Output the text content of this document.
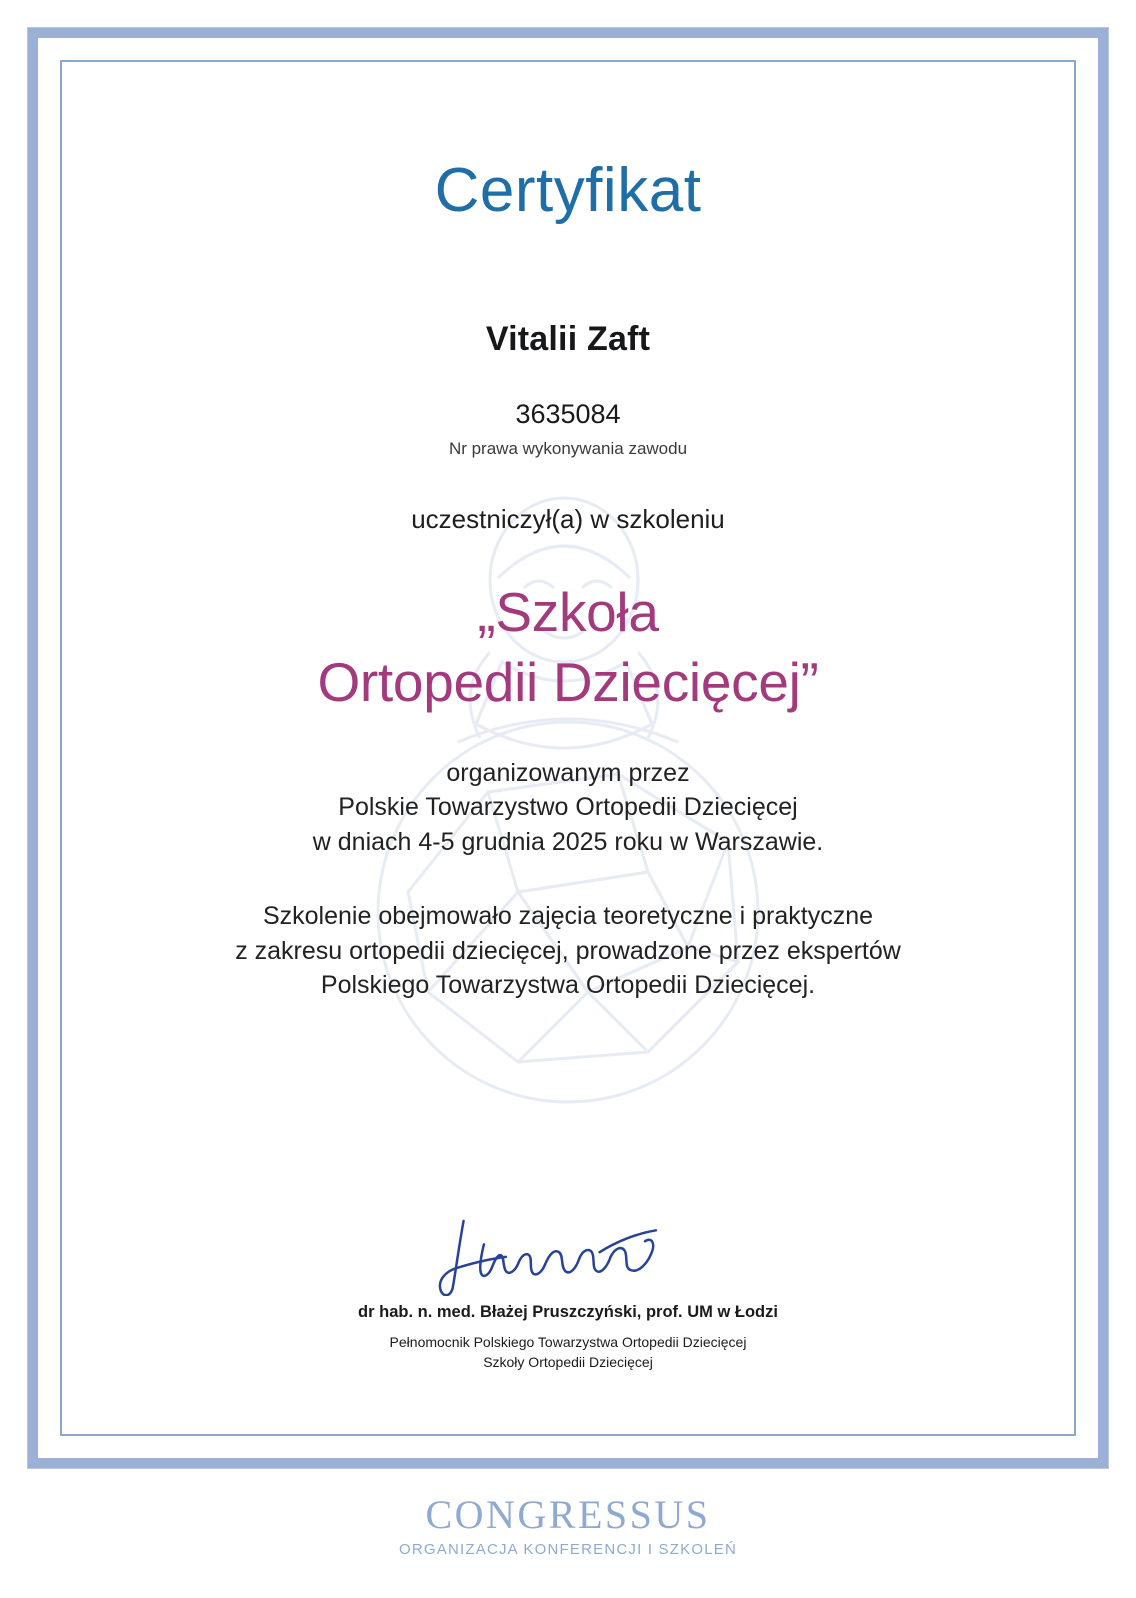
Certyfikat
Vitalii Zaft
3635084
Nr prawa wykonywania zawodu
uczestniczył(a) w szkoleniu
„Szkoła
Ortopedii Dziecięcej”
organizowanym przez
Polskie Towarzystwo Ortopedii Dziecięcej
w dniach 4-5 grudnia 2025 roku w Warszawie.
Szkolenie obejmowało zajęcia teoretyczne i praktyczne
z zakresu ortopedii dziecięcej, prowadzone przez ekspertów
Polskiego Towarzystwa Ortopedii Dziecięcej.
dr hab. n. med. Błażej Pruszczyński, prof. UM w Łodzi
Pełnomocnik Polskiego Towarzystwa Ortopedii Dziecięcej
Szkoły Ortopedii Dziecięcej
CONGRESSUS
ORGANIZACJA KONFERENCJI I SZKOLEŃ
